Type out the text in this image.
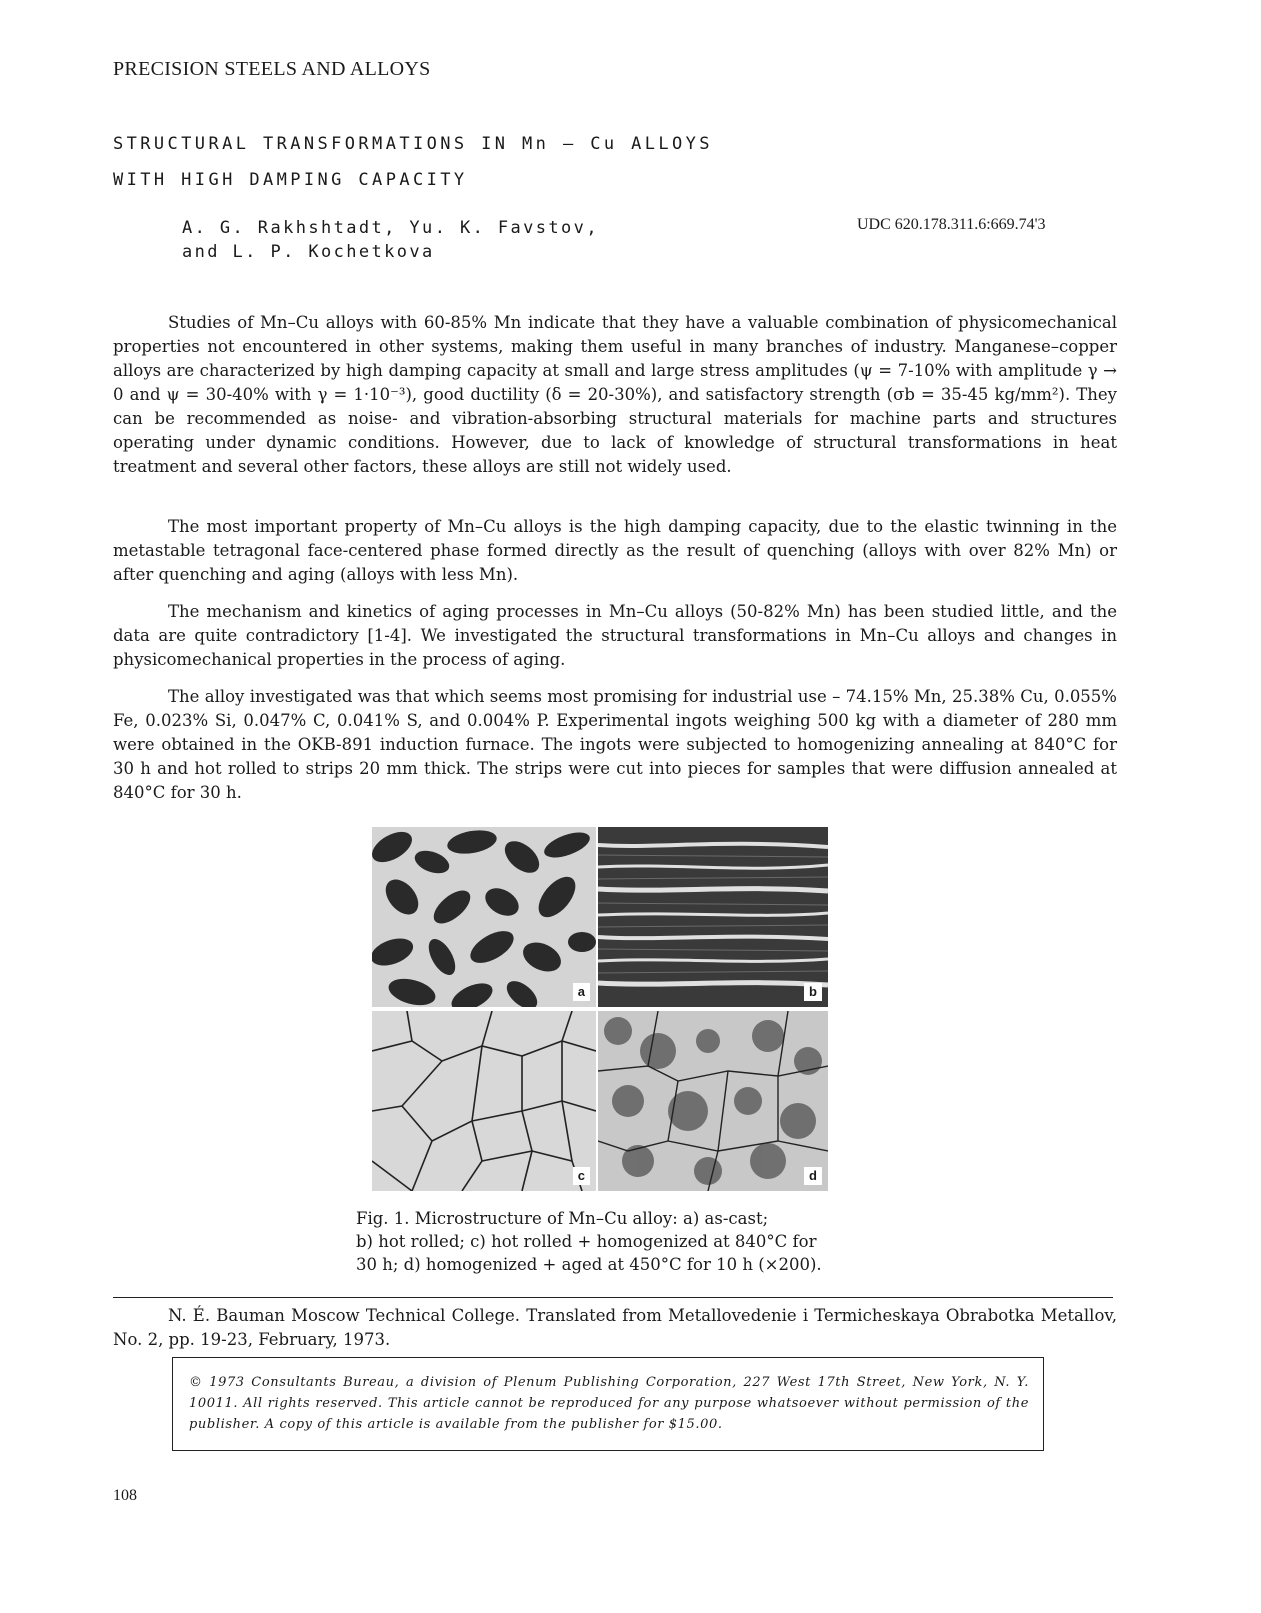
PRECISION STEELS AND ALLOYS
STRUCTURAL TRANSFORMATIONS IN Mn – Cu ALLOYS
WITH HIGH DAMPING CAPACITY
A. G. Rakhshtadt, Yu. K. Favstov,
and L. P. Kochetkova
UDC 620.178.311.6:669.74'3

Studies of Mn–Cu alloys with 60-85% Mn indicate that they have a valuable combination of physicomechanical properties not encountered in other systems, making them useful in many branches of industry. Manganese–copper alloys are characterized by high damping capacity at small and large stress amplitudes (ψ = 7-10% with amplitude γ → 0 and ψ = 30-40% with γ = 1·10⁻³), good ductility (δ = 20-30%), and satisfactory strength (σb = 35-45 kg/mm²). They can be recommended as noise- and vibration-absorbing structural materials for machine parts and structures operating under dynamic conditions. However, due to lack of knowledge of structural transformations in heat treatment and several other factors, these alloys are still not widely used.

The most important property of Mn–Cu alloys is the high damping capacity, due to the elastic twinning in the metastable tetragonal face-centered phase formed directly as the result of quenching (alloys with over 82% Mn) or after quenching and aging (alloys with less Mn).

The mechanism and kinetics of aging processes in Mn–Cu alloys (50-82% Mn) has been studied little, and the data are quite contradictory [1-4]. We investigated the structural transformations in Mn–Cu alloys and changes in physicomechanical properties in the process of aging.

The alloy investigated was that which seems most promising for industrial use – 74.15% Mn, 25.38% Cu, 0.055% Fe, 0.023% Si, 0.047% C, 0.041% S, and 0.004% P. Experimental ingots weighing 500 kg with a diameter of 280 mm were obtained in the OKB-891 induction furnace. The ingots were subjected to homogenizing annealing at 840°C for 30 h and hot rolled to strips 20 mm thick. The strips were cut into pieces for samples that were diffusion annealed at 840°C for 30 h.

a	b
c	d
Fig. 1. Microstructure of Mn–Cu alloy: a) as-cast;
b) hot rolled; c) hot rolled + homogenized at 840°C for
30 h; d) homogenized + aged at 450°C for 10 h (×200).

N. É. Bauman Moscow Technical College. Translated from Metallovedenie i Termicheskaya Obrabotka Metallov, No. 2, pp. 19-23, February, 1973.

© 1973 Consultants Bureau, a division of Plenum Publishing Corporation, 227 West 17th Street, New York, N. Y. 10011. All rights reserved. This article cannot be reproduced for any purpose whatsoever without permission of the publisher. A copy of this article is available from the publisher for $15.00.
108
